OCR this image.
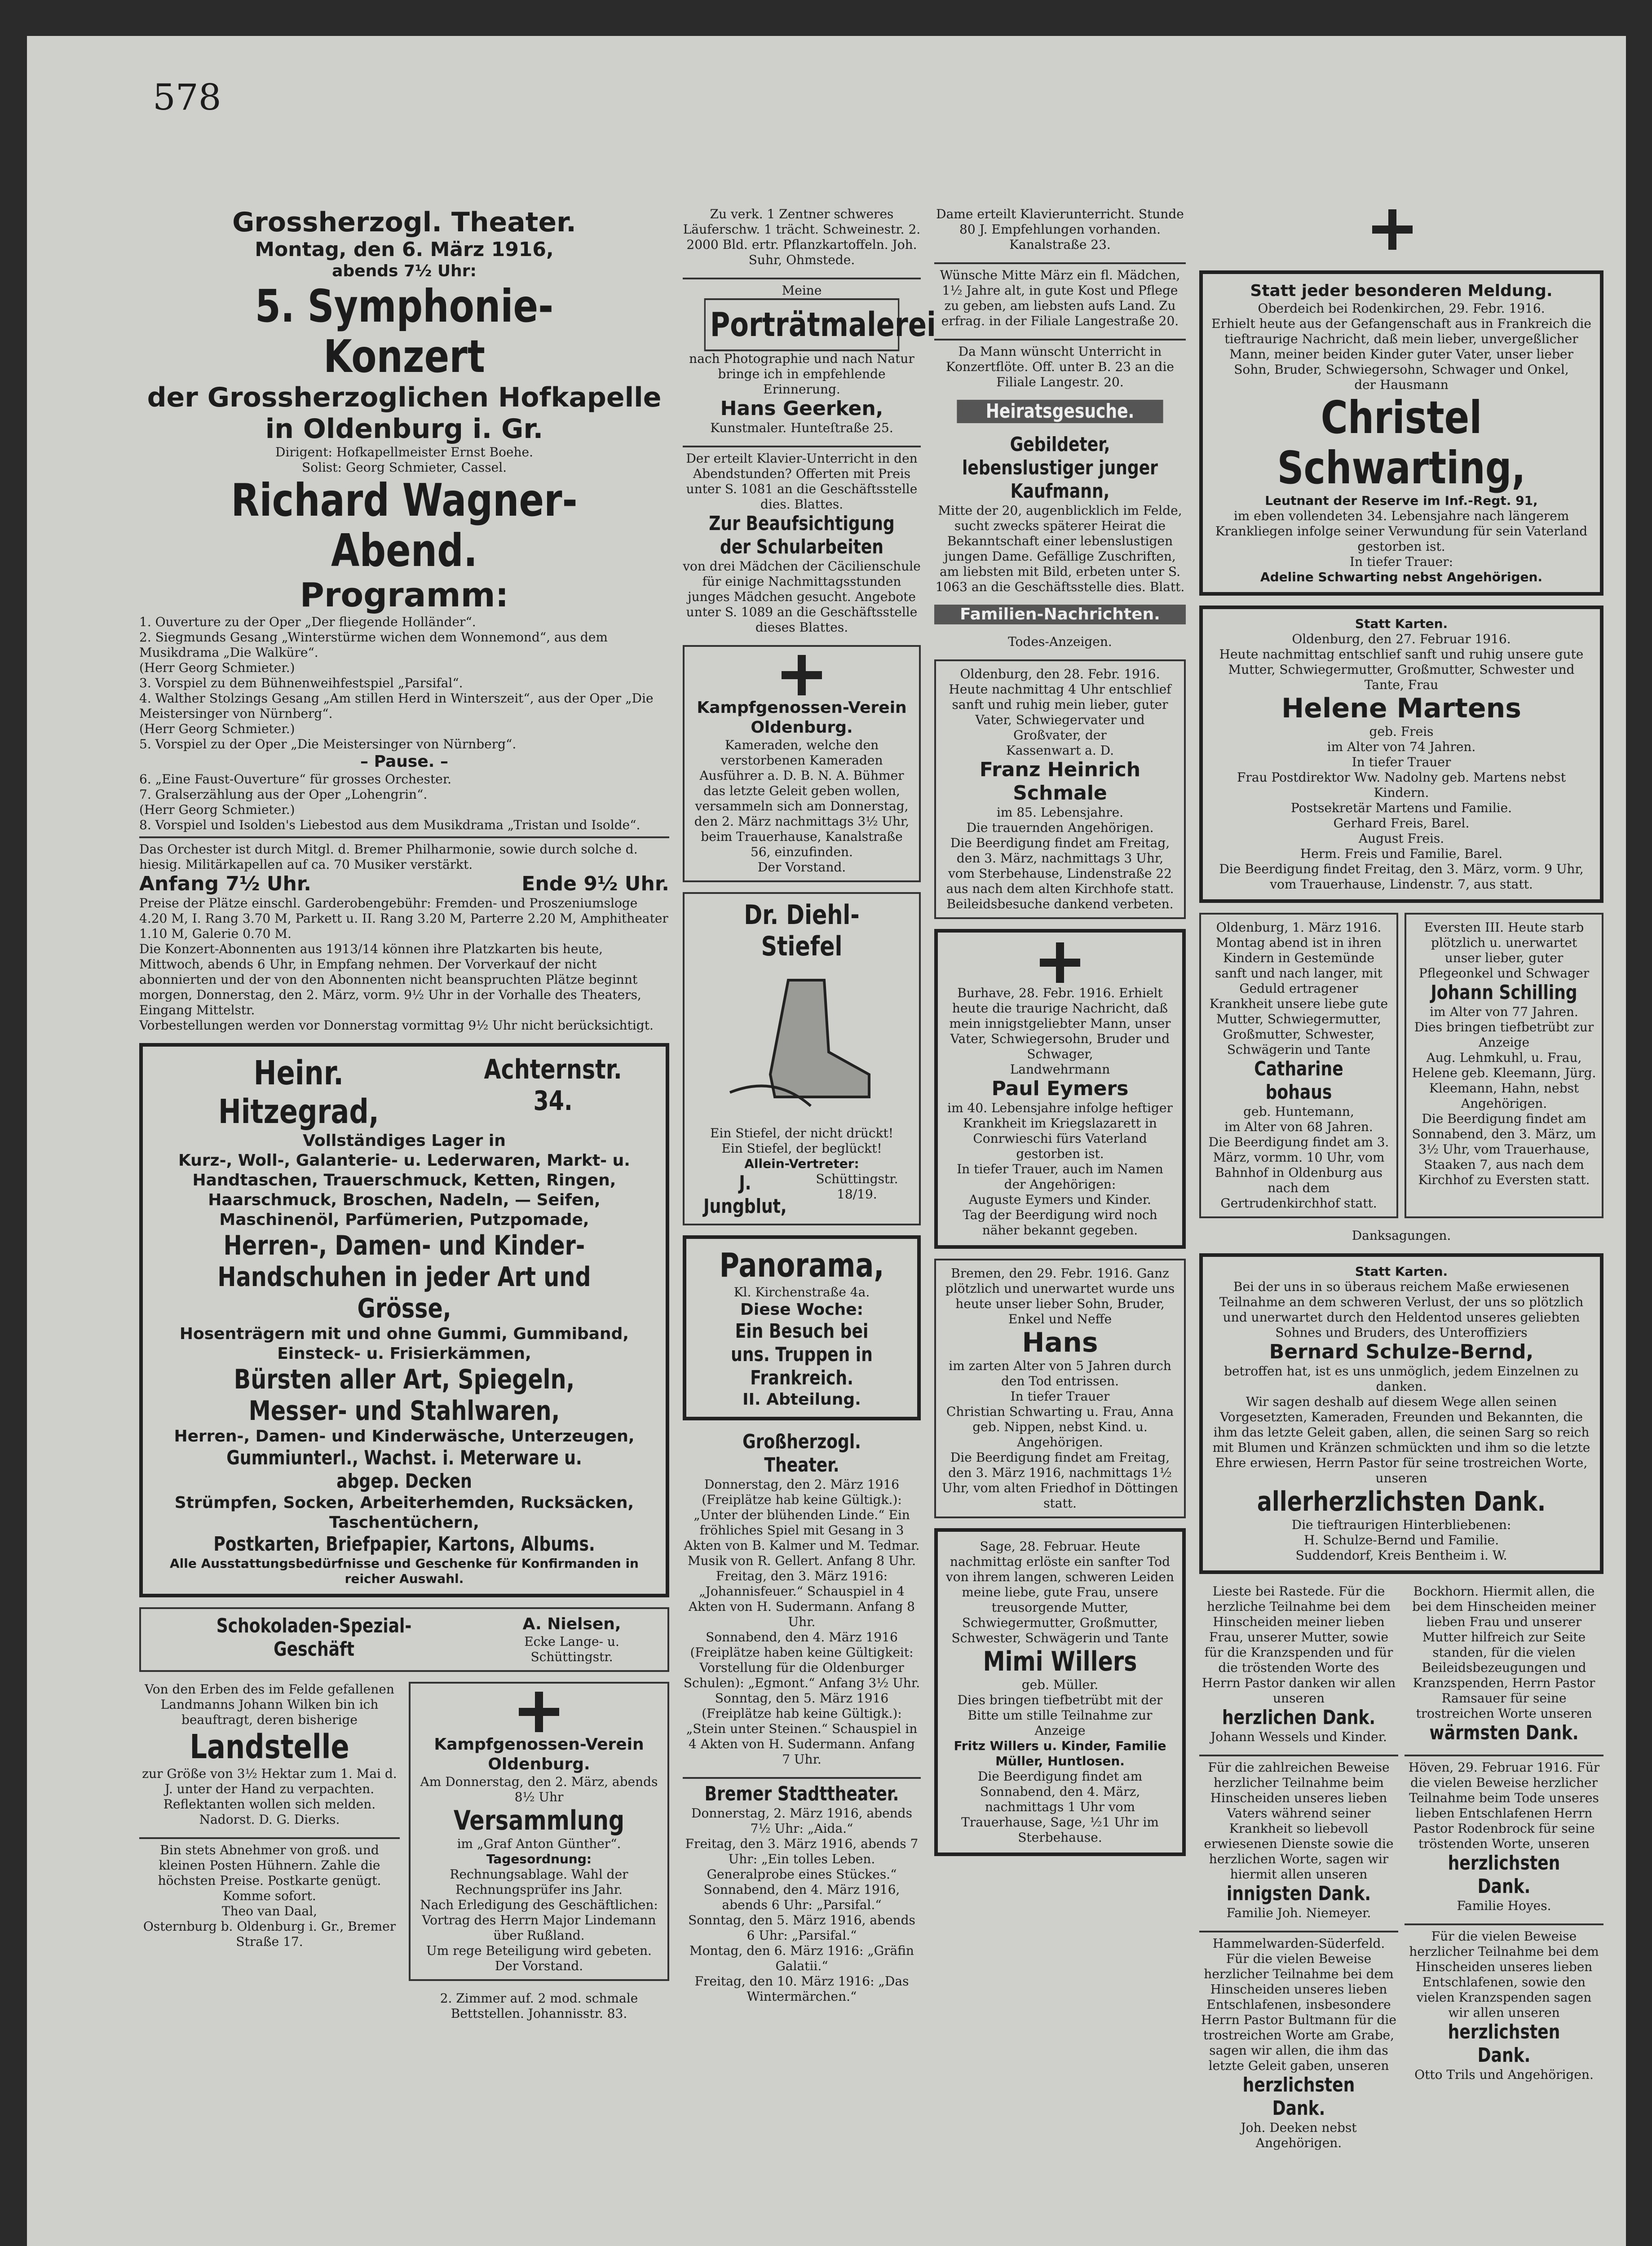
578
Grossherzogl. Theater.
Montag, den 6. März 1916,
abends 7½ Uhr:
5. Symphonie-Konzert
der Grossherzoglichen Hofkapelle
in Oldenburg i. Gr.
Dirigent: Hofkapellmeister Ernst Boehe.
Solist: Georg Schmieter, Cassel.
Richard Wagner-Abend.
Programm:
1. Ouverture zu der Oper „Der fliegende Holländer“.
2. Siegmunds Gesang „Winterstürme wichen dem Wonnemond“, aus dem Musikdrama „Die Walküre“.
(Herr Georg Schmieter.)
3. Vorspiel zu dem Bühnenweihfestspiel „Parsifal“.
4. Walther Stolzings Gesang „Am stillen Herd in Winterszeit“, aus der Oper „Die Meistersinger von Nürnberg“.
(Herr Georg Schmieter.)
5. Vorspiel zu der Oper „Die Meistersinger von Nürnberg“.
– Pause. –
6. „Eine Faust-Ouverture“ für grosses Orchester.
7. Gralserzählung aus der Oper „Lohengrin“.
(Herr Georg Schmieter.)
8. Vorspiel und Isolden's Liebestod aus dem Musikdrama „Tristan und Isolde“.
Das Orchester ist durch Mitgl. d. Bremer Philharmonie, sowie durch solche d. hiesig. Militärkapellen auf ca. 70 Musiker verstärkt.
Anfang 7½ Uhr.	Ende 9½ Uhr.
Preise der Plätze einschl. Garderobengebühr: Fremden- und Proszeniumsloge 4.20 M, I. Rang 3.70 M, Parkett u. II. Rang 3.20 M, Parterre 2.20 M, Amphitheater 1.10 M, Galerie 0.70 M.
Die Konzert-Abonnenten aus 1913/14 können ihre Platzkarten bis heute, Mittwoch, abends 6 Uhr, in Empfang nehmen. Der Vorverkauf der nicht abonnierten und der von den Abonnenten nicht beanspruchten Plätze beginnt morgen, Donnerstag, den 2. März, vorm. 9½ Uhr in der Vorhalle des Theaters, Eingang Mittelstr.
Vorbestellungen werden vor Donnerstag vormittag 9½ Uhr nicht berücksichtigt.
Heinr. Hitzegrad,
Achternstr. 34.
Vollständiges Lager in
Kurz-, Woll-, Galanterie- u. Lederwaren, Markt- u. Handtaschen, Trauerschmuck, Ketten, Ringen, Haarschmuck, Broschen, Nadeln, — Seifen, Maschinenöl, Parfümerien, Putzpomade,
Herren-, Damen- und Kinder-Handschuhen in jeder Art und Grösse,
Hosenträgern mit und ohne Gummi, Gummiband, Einsteck- u. Frisierkämmen,
Bürsten aller Art, Spiegeln, Messer- und Stahlwaren,
Herren-, Damen- und Kinderwäsche, Unterzeugen,
Gummiunterl., Wachst. i. Meterware u. abgep. Decken
Strümpfen, Socken, Arbeiterhemden, Rucksäcken, Taschentüchern,
Postkarten, Briefpapier, Kartons, Albums.
Alle Ausstattungsbedürfnisse und Geschenke für Konfirmanden in reicher Auswahl.
Schokoladen-Spezial-Geschäft
A. Nielsen,
Ecke Lange- u. Schüttingstr.
Von den Erben des im Felde gefallenen Landmanns Johann Wilken bin ich beauftragt, deren bisherige
Landstelle
zur Größe von 3½ Hektar zum 1. Mai d. J. unter der Hand zu verpachten.
Reflektanten wollen sich melden.
Nadorst. D. G. Dierks.
Bin stets Abnehmer von groß. und kleinen Posten Hühnern. Zahle die höchsten Preise. Postkarte genügt. Komme sofort.
Theo van Daal,
Osternburg b. Oldenburg i. Gr., Bremer Straße 17.
Kampfgenossen-Verein Oldenburg.
Am Donnerstag, den 2. März, abends 8½ Uhr
Versammlung
im „Graf Anton Günther“.
Tagesordnung:
Rechnungsablage. Wahl der Rechnungsprüfer ins Jahr.
Nach Erledigung des Geschäftlichen: Vortrag des Herrn Major Lindemann über Rußland.
Um rege Beteiligung wird gebeten.
Der Vorstand.
2. Zimmer auf. 2 mod. schmale Bettstellen. Johannisstr. 83.
Zu verk. 1 Zentner schweres Läuferschw. 1 trächt. Schweinestr. 2. 2000 Bld. ertr. Pflanzkartoffeln. Joh. Suhr, Ohmstede.
Meine
Porträtmalerei
nach Photographie und nach Natur bringe ich in empfehlende Erinnerung.
Hans Geerken,
Kunstmaler. Hunteſtraße 25.
Der erteilt Klavier-Unterricht in den Abendstunden? Offerten mit Preis unter S. 1081 an die Geschäftsstelle dies. Blattes.
Zur Beaufsichtigung der Schularbeiten
von drei Mädchen der Cäcilienschule für einige Nachmittagsstunden junges Mädchen gesucht. Angebote unter S. 1089 an die Geschäftsstelle dieses Blattes.
Kampfgenossen-Verein Oldenburg.
Kameraden, welche den verstorbenen Kameraden Ausführer a. D. B. N. A. Bühmer das letzte Geleit geben wollen, versammeln sich am Donnerstag, den 2. März nachmittags 3½ Uhr, beim Trauerhause, Kanalstraße 56, einzufinden.
Der Vorstand.
Dr. Diehl-Stiefel
Ein Stiefel, der nicht drückt!
Ein Stiefel, der beglückt!
Allein-Vertreter:
J. Jungblut,
Schüttingstr. 18/19.
Panorama,
Kl. Kirchenstraße 4a.
Diese Woche:
Ein Besuch bei uns. Truppen in Frankreich.
II. Abteilung.
Großherzogl. Theater.
Donnerstag, den 2. März 1916 (Freiplätze hab keine Gültigk.): „Unter der blühenden Linde.“ Ein fröhliches Spiel mit Gesang in 3 Akten von B. Kalmer und M. Tedmar. Musik von R. Gellert. Anfang 8 Uhr.
Freitag, den 3. März 1916: „Johannisfeuer.“ Schauspiel in 4 Akten von H. Sudermann. Anfang 8 Uhr.
Sonnabend, den 4. März 1916 (Freiplätze haben keine Gültigkeit: Vorstellung für die Oldenburger Schulen): „Egmont.“ Anfang 3½ Uhr.
Sonntag, den 5. März 1916 (Freiplätze hab keine Gültigk.): „Stein unter Steinen.“ Schauspiel in 4 Akten von H. Sudermann. Anfang 7 Uhr.
Bremer Stadttheater.
Donnerstag, 2. März 1916, abends 7½ Uhr: „Aida.“
Freitag, den 3. März 1916, abends 7 Uhr: „Ein tolles Leben. Generalprobe eines Stückes.“
Sonnabend, den 4. März 1916, abends 6 Uhr: „Parsifal.“
Sonntag, den 5. März 1916, abends 6 Uhr: „Parsifal.“
Montag, den 6. März 1916: „Gräfin Galatii.“
Freitag, den 10. März 1916: „Das Wintermärchen.“
Dame erteilt Klavierunterricht. Stunde 80 J. Empfehlungen vorhanden. Kanalstraße 23.
Wünsche Mitte März ein fl. Mädchen, 1½ Jahre alt, in gute Kost und Pflege zu geben, am liebsten aufs Land. Zu erfrag. in der Filiale Langestraße 20.
Da Mann wünscht Unterricht in Konzertflöte. Off. unter B. 23 an die Filiale Langestr. 20.
Heiratsgesuche.
Gebildeter, lebenslustiger junger Kaufmann,
Mitte der 20, augenblicklich im Felde, sucht zwecks späterer Heirat die Bekanntschaft einer lebenslustigen jungen Dame. Gefällige Zuschriften, am liebsten mit Bild, erbeten unter S. 1063 an die Geschäftsstelle dies. Blatt.
Familien-Nachrichten.
Todes-Anzeigen.
Oldenburg, den 28. Febr. 1916. Heute nachmittag 4 Uhr entschlief sanft und ruhig mein lieber, guter Vater, Schwiegervater und Großvater, der
Kassenwart a. D.
Franz Heinrich Schmale
im 85. Lebensjahre.
Die trauernden Angehörigen.
Die Beerdigung findet am Freitag, den 3. März, nachmittags 3 Uhr, vom Sterbehause, Lindenstraße 22 aus nach dem alten Kirchhofe statt.
Beileidsbesuche dankend verbeten.
Burhave, 28. Febr. 1916. Erhielt heute die traurige Nachricht, daß mein innigstgeliebter Mann, unser Vater, Schwiegersohn, Bruder und Schwager,
Landwehrmann
Paul Eymers
im 40. Lebensjahre infolge heftiger Krankheit im Kriegslazarett in Conrwieschi fürs Vaterland gestorben ist.
In tiefer Trauer, auch im Namen der Angehörigen:
Auguste Eymers und Kinder.
Tag der Beerdigung wird noch näher bekannt gegeben.
Bremen, den 29. Febr. 1916. Ganz plötzlich und unerwartet wurde uns heute unser lieber Sohn, Bruder, Enkel und Neffe
Hans
im zarten Alter von 5 Jahren durch den Tod entrissen.
In tiefer Trauer
Christian Schwarting u. Frau, Anna geb. Nippen, nebst Kind. u. Angehörigen.
Die Beerdigung findet am Freitag, den 3. März 1916, nachmittags 1½ Uhr, vom alten Friedhof in Döttingen statt.
Sage, 28. Februar. Heute nachmittag erlöste ein sanfter Tod von ihrem langen, schweren Leiden meine liebe, gute Frau, unsere treusorgende Mutter, Schwiegermutter, Großmutter, Schwester, Schwägerin und Tante
Mimi Willers
geb. Müller.
Dies bringen tiefbetrübt mit der Bitte um stille Teilnahme zur Anzeige
Fritz Willers u. Kinder, Familie Müller, Huntlosen.
Die Beerdigung findet am Sonnabend, den 4. März, nachmittags 1 Uhr vom Trauerhause, Sage, ½1 Uhr im Sterbehause.
Statt jeder besonderen Meldung.
Oberdeich bei Rodenkirchen, 29. Febr. 1916.
Erhielt heute aus der Gefangenschaft aus in Frankreich die tieftraurige Nachricht, daß mein lieber, unvergeßlicher Mann, meiner beiden Kinder guter Vater, unser lieber Sohn, Bruder, Schwiegersohn, Schwager und Onkel,
der Hausmann
Christel Schwarting,
Leutnant der Reserve im Inf.-Regt. 91,
im eben vollendeten 34. Lebensjahre nach längerem Krankliegen infolge seiner Verwundung für sein Vaterland gestorben ist.
In tiefer Trauer:
Adeline Schwarting nebst Angehörigen.
Statt Karten.
Oldenburg, den 27. Februar 1916.
Heute nachmittag entschlief sanft und ruhig unsere gute Mutter, Schwiegermutter, Großmutter, Schwester und Tante, Frau
Helene Martens
geb. Freis
im Alter von 74 Jahren.
In tiefer Trauer
Frau Postdirektor Ww. Nadolny geb. Martens nebst Kindern.
Postsekretär Martens und Familie.
Gerhard Freis, Barel.
August Freis.
Herm. Freis und Familie, Barel.
Die Beerdigung findet Freitag, den 3. März, vorm. 9 Uhr, vom Trauerhause, Lindenstr. 7, aus statt.
Oldenburg, 1. März 1916. Montag abend ist in ihren Kindern in Gestemünde sanft und nach langer, mit Geduld ertragener Krankheit unsere liebe gute Mutter, Schwiegermutter, Großmutter, Schwester, Schwägerin und Tante
Catharine bohaus
geb. Huntemann,
im Alter von 68 Jahren.
Die Beerdigung findet am 3. März, vormm. 10 Uhr, vom Bahnhof in Oldenburg aus nach dem Gertrudenkirchhof statt.
Eversten III. Heute starb plötzlich u. unerwartet unser lieber, guter Pflegeonkel und Schwager
Johann Schilling
im Alter von 77 Jahren.
Dies bringen tiefbetrübt zur Anzeige
Aug. Lehmkuhl, u. Frau, Helene geb. Kleemann, Jürg. Kleemann, Hahn, nebst Angehörigen.
Die Beerdigung findet am Sonnabend, den 3. März, um 3½ Uhr, vom Trauerhause, Staaken 7, aus nach dem Kirchhof zu Eversten statt.
Danksagungen.
Statt Karten.
Bei der uns in so überaus reichem Maße erwiesenen Teilnahme an dem schweren Verlust, der uns so plötzlich und unerwartet durch den Heldentod unseres geliebten Sohnes und Bruders, des Unteroffiziers
Bernard Schulze-Bernd,
betroffen hat, ist es uns unmöglich, jedem Einzelnen zu danken.
Wir sagen deshalb auf diesem Wege allen seinen Vorgesetzten, Kameraden, Freunden und Bekannten, die ihm das letzte Geleit gaben, allen, die seinen Sarg so reich mit Blumen und Kränzen schmückten und ihm so die letzte Ehre erwiesen, Herrn Pastor für seine trostreichen Worte, unseren
allerherzlichsten Dank.
Die tieftraurigen Hinterbliebenen:
H. Schulze-Bernd und Familie.
Suddendorf, Kreis Bentheim i. W.
Lieste bei Rastede. Für die herzliche Teilnahme bei dem Hinscheiden meiner lieben Frau, unserer Mutter, sowie für die Kranzspenden und für die tröstenden Worte des Herrn Pastor danken wir allen unseren
herzlichen Dank.
Johann Wessels und Kinder.
Für die zahlreichen Beweise herzlicher Teilnahme beim Hinscheiden unseres lieben Vaters während seiner Krankheit so liebevoll erwiesenen Dienste sowie die herzlichen Worte, sagen wir hiermit allen unseren
innigsten Dank.
Familie Joh. Niemeyer.
Hammelwarden-Süderfeld. Für die vielen Beweise herzlicher Teilnahme bei dem Hinscheiden unseres lieben Entschlafenen, insbesondere Herrn Pastor Bultmann für die trostreichen Worte am Grabe, sagen wir allen, die ihm das letzte Geleit gaben, unseren
herzlichsten Dank.
Joh. Deeken nebst Angehörigen.
Bockhorn. Hiermit allen, die bei dem Hinscheiden meiner lieben Frau und unserer Mutter hilfreich zur Seite standen, für die vielen Beileidsbezeugungen und Kranzspenden, Herrn Pastor Ramsauer für seine trostreichen Worte unseren
wärmsten Dank.
Höven, 29. Februar 1916. Für die vielen Beweise herzlicher Teilnahme beim Tode unseres lieben Entschlafenen Herrn Pastor Rodenbrock für seine tröstenden Worte, unseren
herzlichsten Dank.
Familie Hoyes.
Für die vielen Beweise herzlicher Teilnahme bei dem Hinscheiden unseres lieben Entschlafenen, sowie den vielen Kranzspenden sagen wir allen unseren
herzlichsten Dank.
Otto Trils und Angehörigen.
